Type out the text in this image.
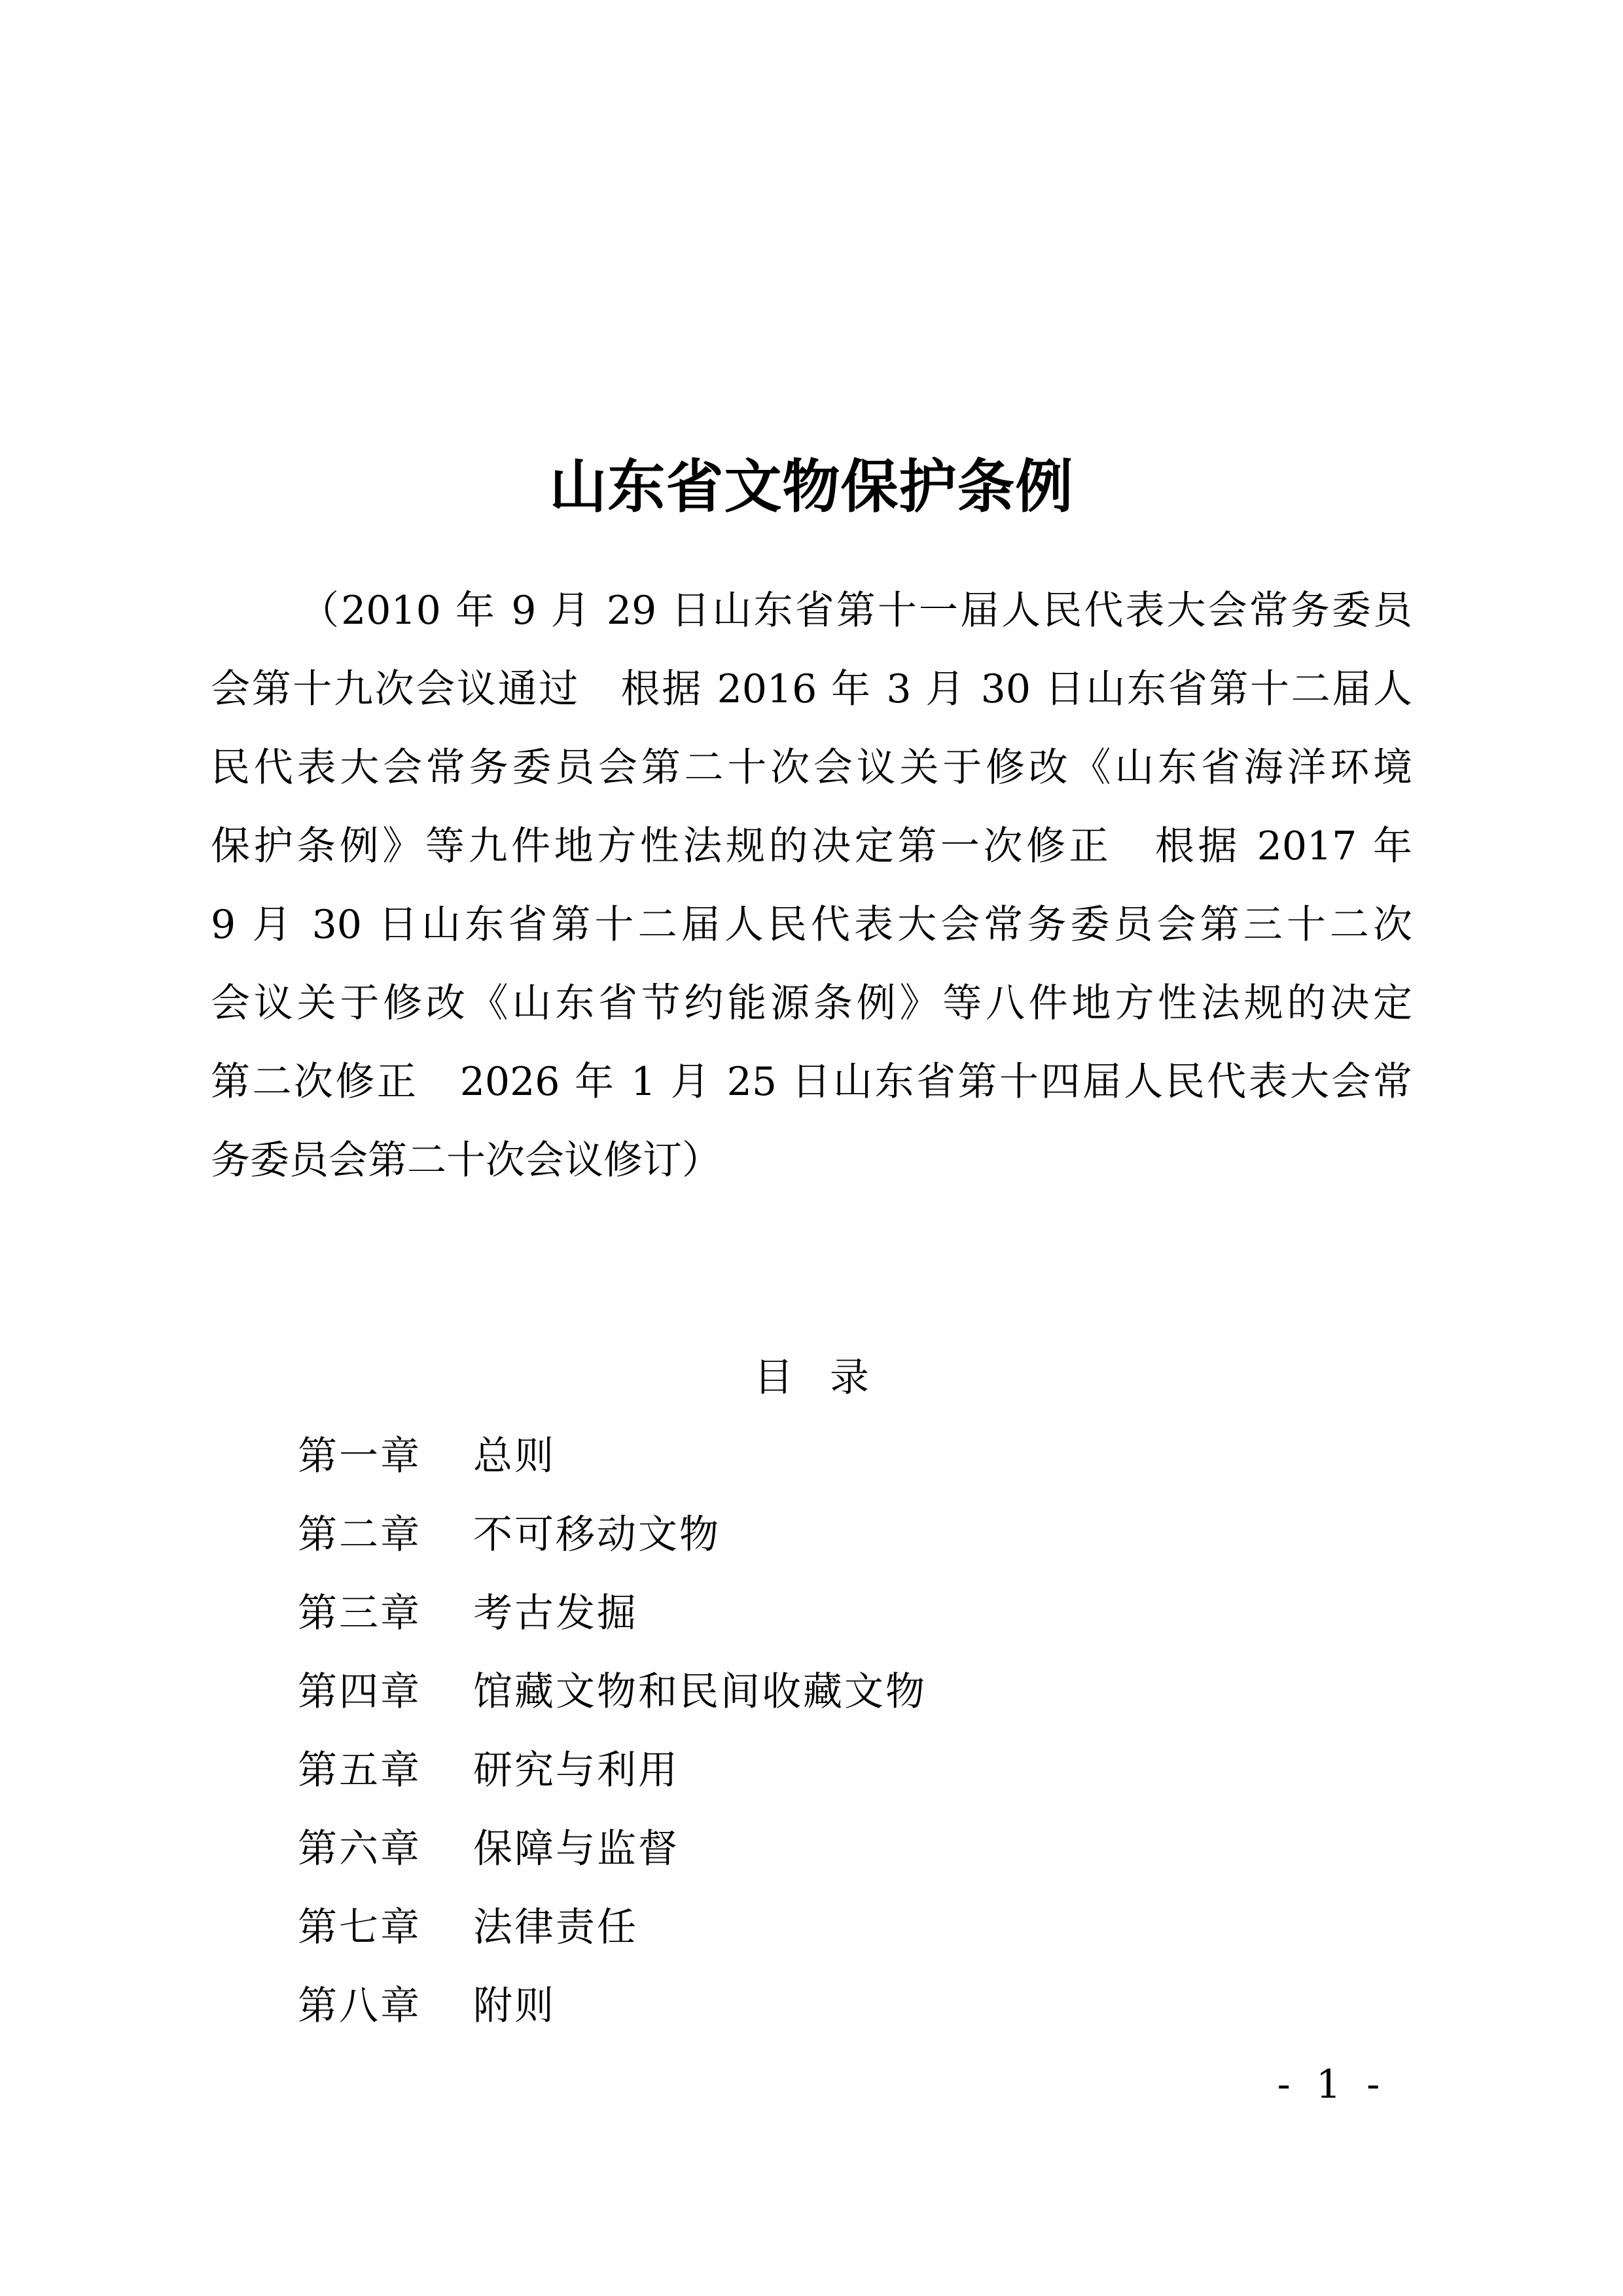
山东省文物保护条例
（2010 年 9 月 29 日山东省第十一届人民代表大会常务委员
会第十九次会议通过　根据 2016 年 3 月 30 日山东省第十二届人
民代表大会常务委员会第二十次会议关于修改《山东省海洋环境
保护条例》等九件地方性法规的决定第一次修正　根据 2017 年
9 月 30 日山东省第十二届人民代表大会常务委员会第三十二次
会议关于修改《山东省节约能源条例》等八件地方性法规的决定
第二次修正　2026 年 1 月 25 日山东省第十四届人民代表大会常
务委员会第二十次会议修订）
目录
第一章 总则
第二章 不可移动文物
第三章 考古发掘
第四章 馆藏文物和民间收藏文物
第五章 研究与利用
第六章 保障与监督
第七章 法律责任
第八章 附则
- 1 -
